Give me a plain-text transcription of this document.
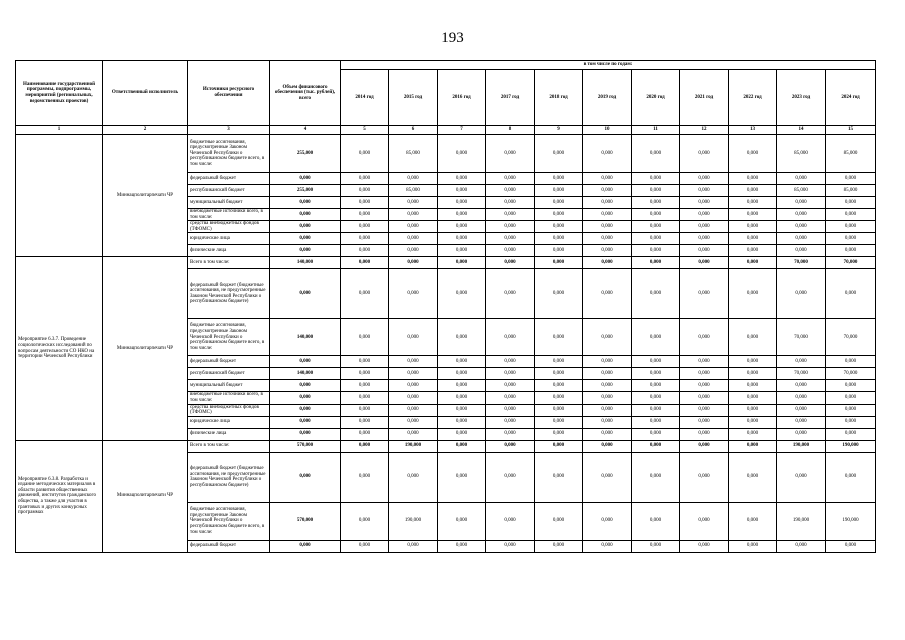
193
Наименование государственной программы, подпрограммы, мероприятий (региональных, ведомственных проектов)	Ответственный исполнитель	Источники ресурсного обеспечения	Объем финансового обеспечения (тыс. рублей), всего	в том числе по годам:										
				2014 год	2015 год	2016 год	2017 год	2018 год	2019 год	2020 год	2021 год	2022 год	2023 год	2024 год
1	2	3	4	5	6	7	8	9	10	11	12	13	14	15
	Миннацполитарпечати ЧР	бюджетные ассигнования, предусмотренные Законом Чеченской Республики о республиканском бюджете всего, в том числе:	255,000	0,000	85,000	0,000	0,000	0,000	0,000	0,000	0,000	0,000	85,000	85,000
		федеральный бюджет	0,000	0,000	0,000	0,000	0,000	0,000	0,000	0,000	0,000	0,000	0,000	0,000
		республиканский бюджет	255,000	0,000	85,000	0,000	0,000	0,000	0,000	0,000	0,000	0,000	85,000	85,000
		муниципальный бюджет	0,000	0,000	0,000	0,000	0,000	0,000	0,000	0,000	0,000	0,000	0,000	0,000
		внебюджетные источники всего, в том числе:	0,000	0,000	0,000	0,000	0,000	0,000	0,000	0,000	0,000	0,000	0,000	0,000
		средства внебюджетных фондов (ТФОМС)	0,000	0,000	0,000	0,000	0,000	0,000	0,000	0,000	0,000	0,000	0,000	0,000
		юридические лица	0,000	0,000	0,000	0,000	0,000	0,000	0,000	0,000	0,000	0,000	0,000	0,000
		физические лица	0,000	0,000	0,000	0,000	0,000	0,000	0,000	0,000	0,000	0,000	0,000	0,000
Мероприятие 6.3.7. Проведение социологических исследований по вопросам деятельности СО НКО на территории Чеченской Республики	Миннацполитарпечати ЧР	Всего в том числе:	140,000	0,000	0,000	0,000	0,000	0,000	0,000	0,000	0,000	0,000	70,000	70,000
		федеральный бюджет (бюджетные ассигнования, не предусмотренные Законом Чеченской Республики о республиканском бюджете)	0,000	0,000	0,000	0,000	0,000	0,000	0,000	0,000	0,000	0,000	0,000	0,000
		бюджетные ассигнования, предусмотренные Законом Чеченской Республики о республиканском бюджете всего, в том числе:	140,000	0,000	0,000	0,000	0,000	0,000	0,000	0,000	0,000	0,000	70,000	70,000
		федеральный бюджет	0,000	0,000	0,000	0,000	0,000	0,000	0,000	0,000	0,000	0,000	0,000	0,000
		республиканский бюджет	140,000	0,000	0,000	0,000	0,000	0,000	0,000	0,000	0,000	0,000	70,000	70,000
		муниципальный бюджет	0,000	0,000	0,000	0,000	0,000	0,000	0,000	0,000	0,000	0,000	0,000	0,000
		внебюджетные источники всего, в том числе:	0,000	0,000	0,000	0,000	0,000	0,000	0,000	0,000	0,000	0,000	0,000	0,000
		средства внебюджетных фондов (ТФОМС)	0,000	0,000	0,000	0,000	0,000	0,000	0,000	0,000	0,000	0,000	0,000	0,000
		юридические лица	0,000	0,000	0,000	0,000	0,000	0,000	0,000	0,000	0,000	0,000	0,000	0,000
		физические лица	0,000	0,000	0,000	0,000	0,000	0,000	0,000	0,000	0,000	0,000	0,000	0,000
Мероприятие 6.3.8. Разработка и издание методических материалов в области развития общественных движений, институтов гражданского общества, а также для участия в грантовых и других конкурсных программах	Миннацполитарпечати ЧР	Всего в том числе:	570,000	0,000	190,000	0,000	0,000	0,000	0,000	0,000	0,000	0,000	190,000	190,000
		федеральный бюджет (бюджетные ассигнования, не предусмотренные Законом Чеченской Республики о республиканском бюджете)	0,000	0,000	0,000	0,000	0,000	0,000	0,000	0,000	0,000	0,000	0,000	0,000
		бюджетные ассигнования, предусмотренные Законом Чеченской Республики о республиканском бюджете всего, в том числе:	570,000	0,000	190,000	0,000	0,000	0,000	0,000	0,000	0,000	0,000	190,000	190,000
		федеральный бюджет	0,000	0,000	0,000	0,000	0,000	0,000	0,000	0,000	0,000	0,000	0,000	0,000
